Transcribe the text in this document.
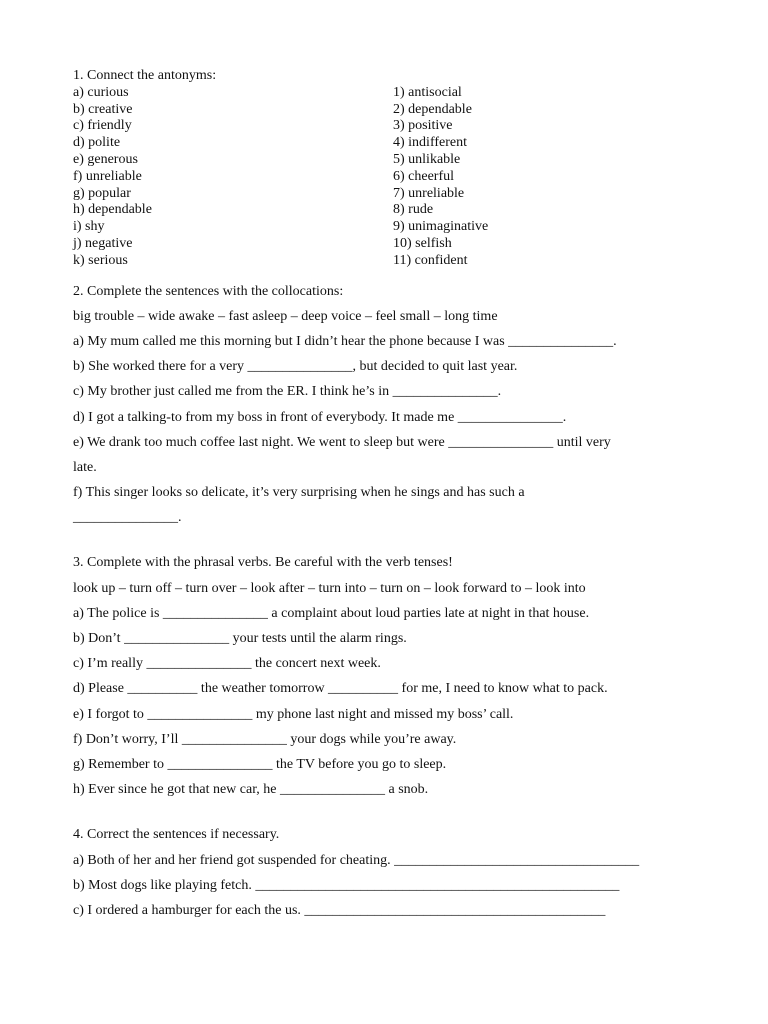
1. Connect the antonyms:
a) curious
b) creative
c) friendly
d) polite
e) generous
f) unreliable
g) popular
h) dependable
i) shy
j) negative
k) serious
1) antisocial
2) dependable
3) positive
4) indifferent
5) unlikable
6) cheerful
7) unreliable
8) rude
9) unimaginative
10) selfish
11) confident
2. Complete the sentences with the collocations:
big trouble – wide awake – fast asleep – deep voice – feel small – long time
a) My mum called me this morning but I didn’t hear the phone because I was _______________.
b) She worked there for a very _______________, but decided to quit last year.
c) My brother just called me from the ER. I think he’s in _______________.
d) I got a talking-to from my boss in front of everybody. It made me _______________.
e) We drank too much coffee last night. We went to sleep but were _______________ until very
late.
f) This singer looks so delicate, it’s very surprising when he sings and has such a
_______________.
3. Complete with the phrasal verbs. Be careful with the verb tenses!
look up – turn off – turn over – look after – turn into – turn on – look forward to – look into
a) The police is _______________ a complaint about loud parties late at night in that house.
b) Don’t _______________ your tests until the alarm rings.
c) I’m really _______________ the concert next week.
d) Please __________ the weather tomorrow __________ for me, I need to know what to pack.
e) I forgot to _______________ my phone last night and missed my boss’ call.
f) Don’t worry, I’ll _______________ your dogs while you’re away.
g) Remember to _______________ the TV before you go to sleep.
h) Ever since he got that new car, he _______________ a snob.
4. Correct the sentences if necessary.
a) Both of her and her friend got suspended for cheating. ___________________________________
b) Most dogs like playing fetch. ____________________________________________________
c) I ordered a hamburger for each the us. ___________________________________________
